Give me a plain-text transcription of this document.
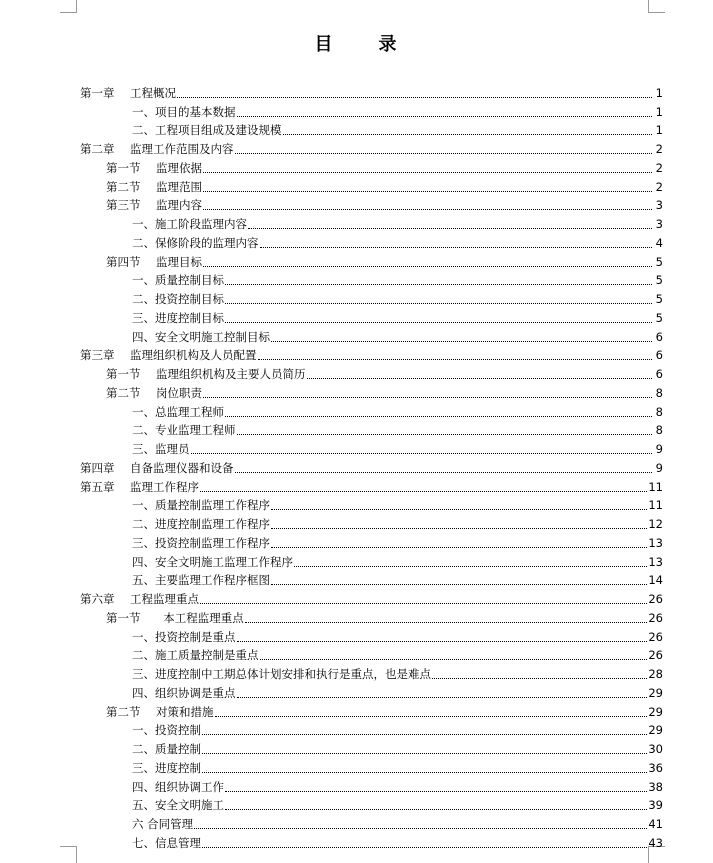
目 录
第一章 工程概况	1
一、项目的基本数据	1
二、工程项目组成及建设规模	1
第二章 监理工作范围及内容	2
第一节 监理依据	2
第二节 监理范围	2
第三节 监理内容	3
一、施工阶段监理内容	3
二、保修阶段的监理内容	4
第四节 监理目标	5
一、质量控制目标	5
二、投资控制目标	5
三、进度控制目标	5
四、安全文明施工控制目标	6
第三章 监理组织机构及人员配置	6
第一节 监理组织机构及主要人员简历	6
第二节 岗位职责	8
一、总监理工程师	8
二、专业监理工程师	8
三、监理员	9
第四章 自备监理仪器和设备	9
第五章 监理工作程序	11
一、质量控制监理工作程序	11
二、进度控制监理工作程序	12
三、投资控制监理工作程序	13
四、安全文明施工监理工作程序	13
五、主要监理工作程序框图	14
第六章 工程监理重点	26
第一节  本工程监理重点	26
一、投资控制是重点	26
二、施工质量控制是重点	26
三、进度控制中工期总体计划安排和执行是重点，也是难点	28
四、组织协调是重点	29
第二节 对策和措施	29
一、投资控制	29
二、质量控制	30
三、进度控制	36
四、组织协调工作	38
五、安全文明施工	39
六 合同管理	41
七、信息管理	43
